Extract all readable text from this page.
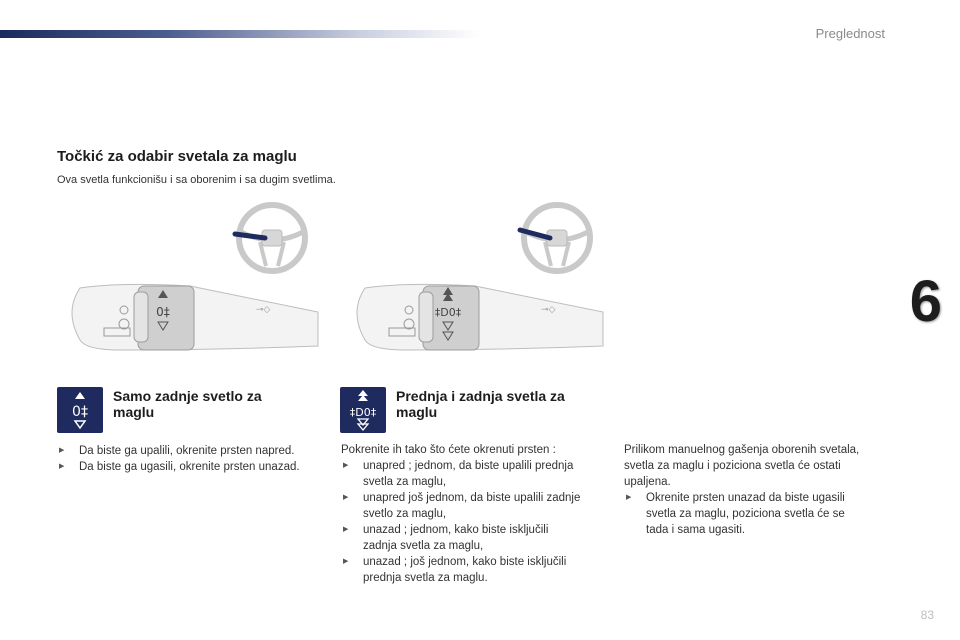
Preglednost
6
Točkić za odabir svetala za maglu
Ova svetla funkcionišu i sa oborenim i sa dugim svetlima.
0‡	⊸◇	‡D0‡	⊸◇
0‡
Samo zadnje svetlo za
maglu
▶ Da biste ga upalili, okrenite prsten napred.
▶ Da biste ga ugasili, okrenite prsten unazad.
‡D0‡
Prednja i zadnja svetla za
maglu

Pokrenite ih tako što ćete okrenuti prsten :

▶ unapred ; jednom, da biste upalili prednja
svetla za maglu,
▶ unapred još jednom, da biste upalili zadnje
svetlo za maglu,
▶ unazad ; jednom, kako biste isključili
zadnja svetla za maglu,
▶ unazad ; još jednom, kako biste isključili
prednja svetla za maglu.

Prilikom manuelnog gašenja oborenih svetala,
svetla za maglu i poziciona svetla će ostati
upaljena.

▶ Okrenite prsten unazad da biste ugasili
svetla za maglu, poziciona svetla će se
tada i sama ugasiti.
83
